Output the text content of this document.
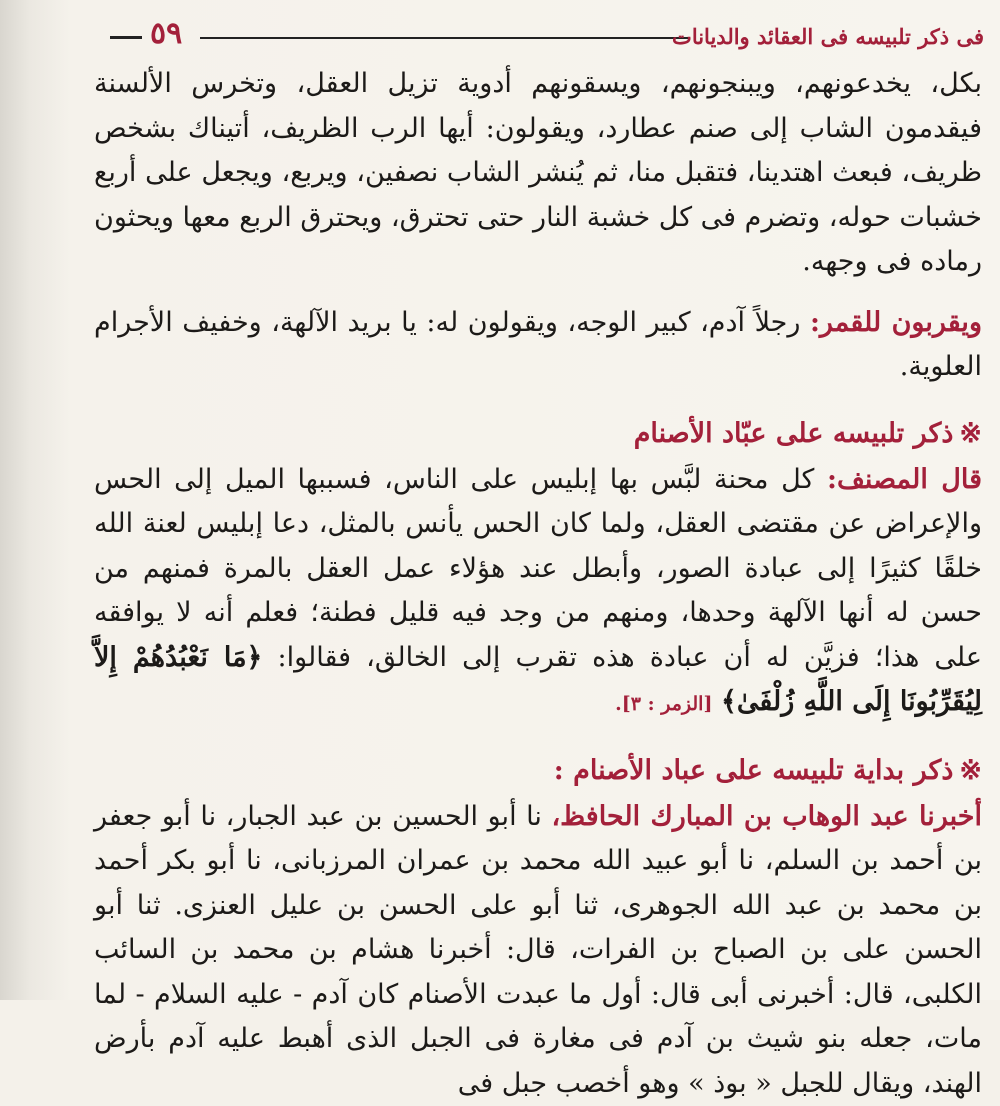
٥٩	فى ذكر تلبيسه فى العقائد والديانات

بكل، يخدعونهم، ويبنجونهم، ويسقونهم أدوية تزيل العقل، وتخرس الألسنة فيقدمون الشاب إلى صنم عطارد، ويقولون: أيها الرب الظريف، أتيناك بشخص ظريف، فبعث اهتدينا، فتقبل منا، ثم يُنشر الشاب نصفين، ويربع، ويجعل على أربع خشبات حوله، وتضرم فى كل خشبة النار حتى تحترق، ويحترق الربع معها ويحثون رماده فى وجهه.

ويقربون للقمر: رجلاً آدم، كبير الوجه، ويقولون له: يا بريد الآلهة، وخفيف الأجرام العلوية.

※ذكر تلبيسه على عبّاد الأصنام

قال المصنف: كل محنة لبَّس بها إبليس على الناس، فسببها الميل إلى الحس والإعراض عن مقتضى العقل، ولما كان الحس يأنس بالمثل، دعا إبليس لعنة الله خلقًا كثيرًا إلى عبادة الصور، وأبطل عند هؤلاء عمل العقل بالمرة فمنهم من حسن له أنها الآلهة وحدها، ومنهم من وجد فيه قليل فطنة؛ فعلم أنه لا يوافقه على هذا؛ فزيَّن له أن عبادة هذه تقرب إلى الخالق، فقالوا: ﴿مَا نَعْبُدُهُمْ إِلاَّ لِيُقَرِّبُونَا إِلَى اللَّهِ زُلْفَىٰ﴾ [الزمر : ٣].

※ذكر بداية تلبيسه على عباد الأصنام :

أخبرنا عبد الوهاب بن المبارك الحافظ، نا أبو الحسين بن عبد الجبار، نا أبو جعفر بن أحمد بن السلم، نا أبو عبيد الله محمد بن عمران المرزبانى، نا أبو بكر أحمد بن محمد بن عبد الله الجوهرى، ثنا أبو على الحسن بن عليل العنزى. ثنا أبو الحسن على بن الصباح بن الفرات، قال: أخبرنا هشام بن محمد بن السائب الكلبى، قال: أخبرنى أبى قال: أول ما عبدت الأصنام كان آدم - عليه السلام - لما مات، جعله بنو شيث بن آدم فى مغارة فى الجبل الذى أهبط عليه آدم بأرض الهند، ويقال للجبل « بوذ » وهو أخصب جبل فى
